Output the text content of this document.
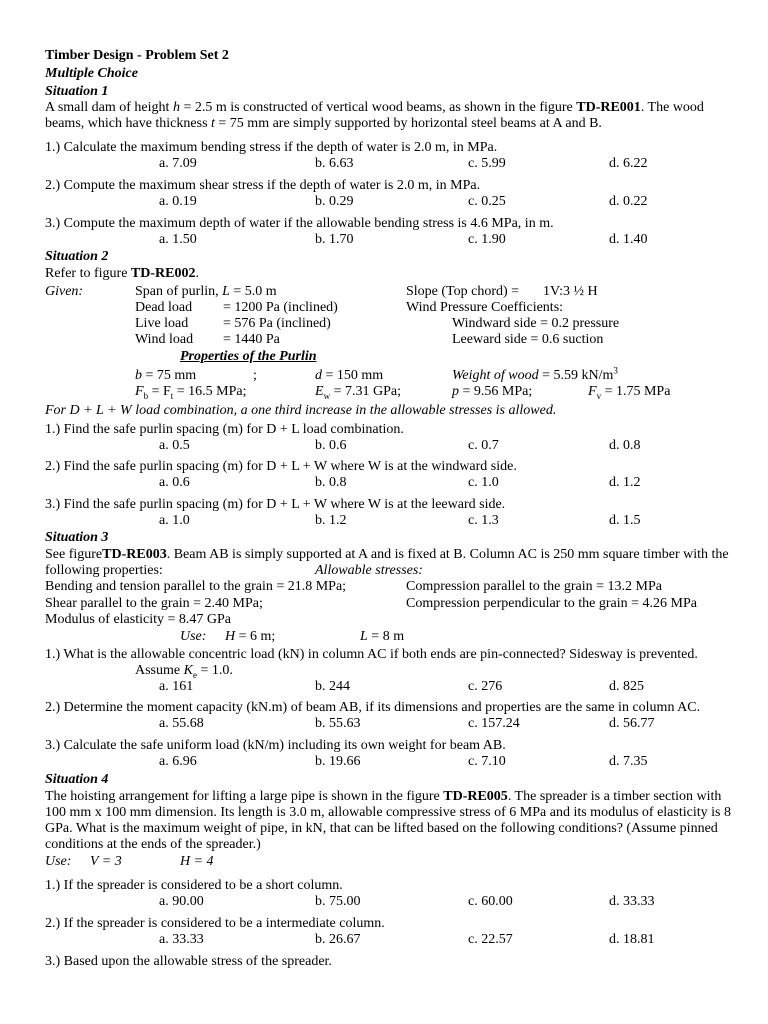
Timber Design - Problem Set 2
Multiple Choice
Situation 1
A small dam of height h = 2.5 m is constructed of vertical wood beams, as shown in the figure TD-RE001. The wood
beams, which have thickness t = 75 mm are simply supported by horizontal steel beams at A and B.
1.) Calculate the maximum bending stress if the depth of water is 2.0 m, in MPa.
a. 7.09	b. 6.63	c. 5.99	d. 6.22
2.) Compute the maximum shear stress if the depth of water is 2.0 m, in MPa.
a. 0.19	b. 0.29	c. 0.25	d. 0.22
3.) Compute the maximum depth of water if the allowable bending stress is 4.6 MPa, in m.
a. 1.50	b. 1.70	c. 1.90	d. 1.40
Situation 2
Refer to figure TD-RE002.
Given:	Span of purlin, L = 5.0 m	Slope (Top chord) = 1V:3 ½ H
Dead load = 1200 Pa (inclined)	Wind Pressure Coefficients:
Live load = 576 Pa (inclined)	Windward side = 0.2 pressure
Wind load = 1440 Pa	Leeward side = 0.6 suction
Properties of the Purlin
b = 75 mm	;	d = 150 mm	Weight of wood = 5.59 $kN/m^3$
$F_b = F_t = 16.5$ MPa;	$E_w = 7.31$ GPa;	p = 9.56 MPa;	$F_v = 1.75$ MPa
For D + L + W load combination, a one third increase in the allowable stresses is allowed.
1.) Find the safe purlin spacing (m) for D + L load combination.
a. 0.5	b. 0.6	c. 0.7	d. 0.8
2.) Find the safe purlin spacing (m) for D + L + W where W is at the windward side.
a. 0.6	b. 0.8	c. 1.0	d. 1.2
3.) Find the safe purlin spacing (m) for D + L + W where W is at the leeward side.
a. 1.0	b. 1.2	c. 1.3	d. 1.5
Situation 3
See figureTD-RE003. Beam AB is simply supported at A and is fixed at B. Column AC is 250 mm square timber with the
following properties:	Allowable stresses:
Bending and tension parallel to the grain = 21.8 MPa;	Compression parallel to the grain = 13.2 MPa
Shear parallel to the grain = 2.40 MPa;	Compression perpendicular to the grain = 4.26 MPa
Modulus of elasticity = 8.47 GPa
Use: H = 6 m;	L = 8 m
1.) What is the allowable concentric load (kN) in column AC if both ends are pin-connected? Sidesway is prevented.
Assume $K_e = 1.0$.
a. 161	b. 244	c. 276	d. 825
2.) Determine the moment capacity (kN.m) of beam AB, if its dimensions and properties are the same in column AC.
a. 55.68	b. 55.63	c. 157.24	d. 56.77
3.) Calculate the safe uniform load (kN/m) including its own weight for beam AB.
a. 6.96	b. 19.66	c. 7.10	d. 7.35
Situation 4
The hoisting arrangement for lifting a large pipe is shown in the figure TD-RE005. The spreader is a timber section with
100 mm x 100 mm dimension. Its length is 3.0 m, allowable compressive stress of 6 MPa and its modulus of elasticity is 8
GPa. What is the maximum weight of pipe, in kN, that can be lifted based on the following conditions? (Assume pinned
conditions at the ends of the spreader.)
Use: V = 3	H = 4
1.) If the spreader is considered to be a short column.
a. 90.00	b. 75.00	c. 60.00	d. 33.33
2.) If the spreader is considered to be a intermediate column.
a. 33.33	b. 26.67	c. 22.57	d. 18.81
3.) Based upon the allowable stress of the spreader.
